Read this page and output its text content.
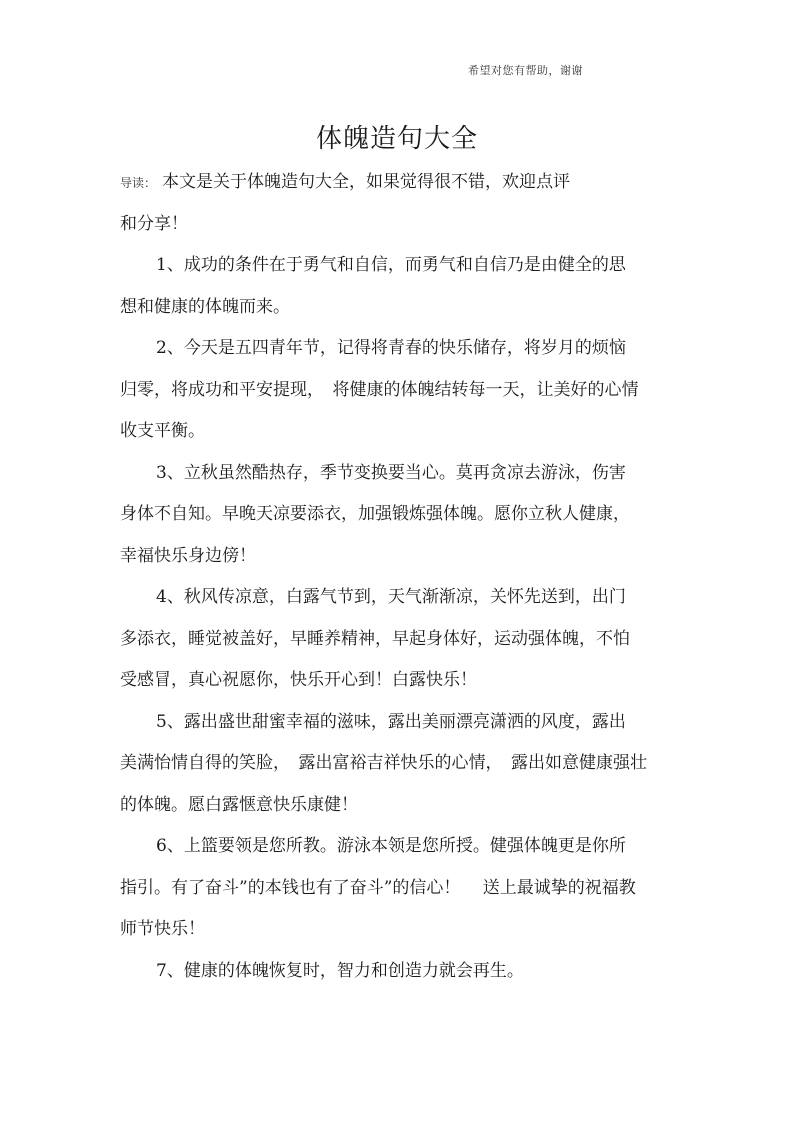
希望对您有帮助，谢谢
体魄造句大全
导读： 本文是关于体魄造句大全，如果觉得很不错，欢迎点评
和分享！
1、成功的条件在于勇气和自信，而勇气和自信乃是由健全的思
想和健康的体魄而来。
2、今天是五四青年节，记得将青春的快乐储存，将岁月的烦恼
归零，将成功和平安提现，　将健康的体魄结转每一天，让美好的心情
收支平衡。
3、立秋虽然酷热存，季节变换要当心。莫再贪凉去游泳，伤害
身体不自知。早晚天凉要添衣，加强锻炼强体魄。愿你立秋人健康，
幸福快乐身边傍！
4、秋风传凉意，白露气节到，天气渐渐凉，关怀先送到，出门
多添衣，睡觉被盖好，早睡养精神，早起身体好，运动强体魄，不怕
受感冒，真心祝愿你，快乐开心到！白露快乐！
5、露出盛世甜蜜幸福的滋味，露出美丽漂亮潇洒的风度，露出
美满怡情自得的笑脸，　露出富裕吉祥快乐的心情，　露出如意健康强壮
的体魄。愿白露惬意快乐康健！
6、上篮要领是您所教。游泳本领是您所授。健强体魄更是你所
指引。有了奋斗”的本钱也有了奋斗”的信心！　 送上最诚挚的祝福教
师节快乐！
7、健康的体魄恢复时，智力和创造力就会再生。
